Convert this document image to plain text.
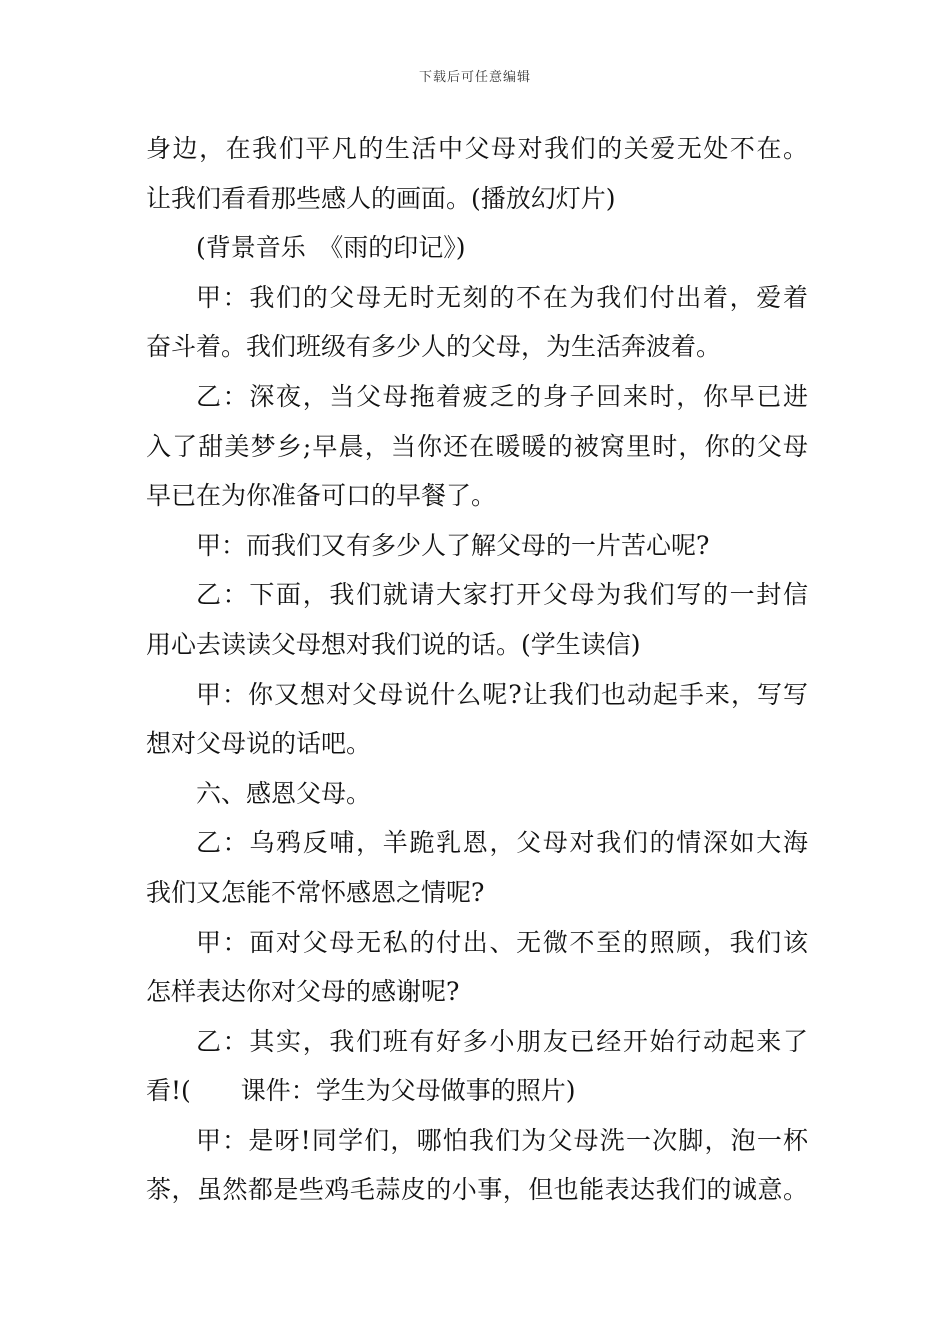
下载后可任意编辑
身边，在我们平凡的生活中父母对我们的关爱无处不在。
让我们看看那些感人的画面。(播放幻灯片)
(背景音乐　《雨的印记》)
甲：我们的父母无时无刻的不在为我们付出着，爱着
奋斗着。我们班级有多少人的父母，为生活奔波着。
乙：深夜，当父母拖着疲乏的身子回来时，你早已进
入了甜美梦乡;早晨，当你还在暖暖的被窝里时，你的父母
早已在为你准备可口的早餐了。
甲：而我们又有多少人了解父母的一片苦心呢?
乙：下面，我们就请大家打开父母为我们写的一封信
用心去读读父母想对我们说的话。(学生读信)
甲：你又想对父母说什么呢?让我们也动起手来，写写
想对父母说的话吧。
六、感恩父母。
乙：乌鸦反哺，羊跪乳恩，父母对我们的情深如大海
我们又怎能不常怀感恩之情呢?
甲：面对父母无私的付出、无微不至的照顾，我们该
怎样表达你对父母的感谢呢?
乙：其实，我们班有好多小朋友已经开始行动起来了
看!(　　课件：学生为父母做事的照片)
甲：是呀!同学们，哪怕我们为父母洗一次脚，泡一杯
茶，虽然都是些鸡毛蒜皮的小事，但也能表达我们的诚意。
